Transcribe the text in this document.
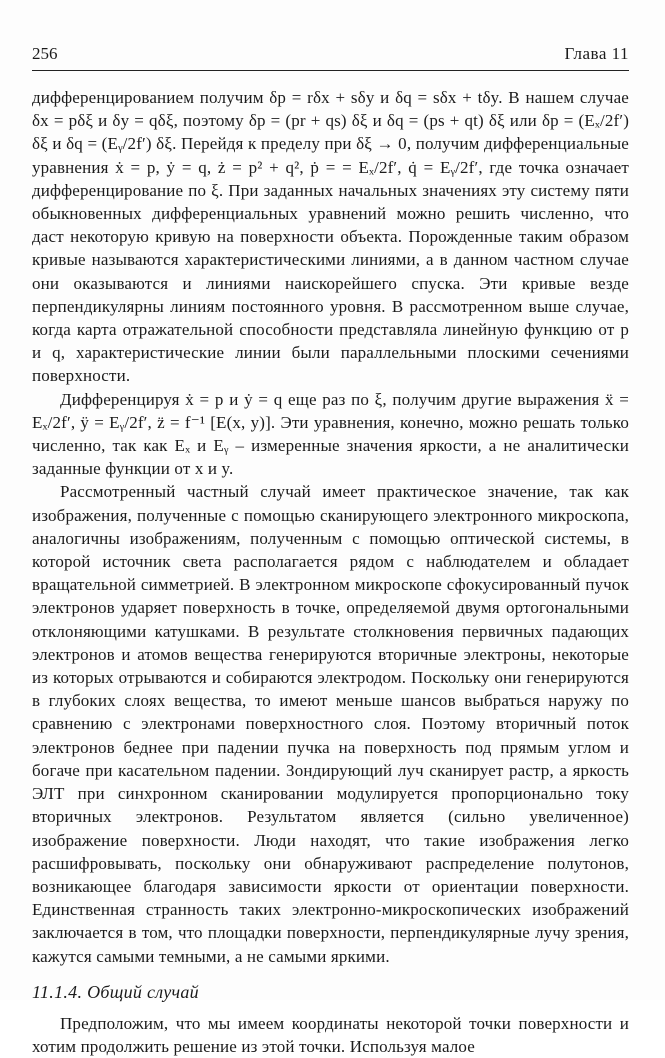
256	Глава 11

дифференцированием получим δp = rδx + sδy и δq = sδx + tδy. В нашем случае δx = pδξ и δy = qδξ, поэтому δp = (pr + qs) δξ и δq = (ps + qt) δξ или δp = (Eₓ/2f′) δξ и δq = (Eᵧ/2f′) δξ. Перейдя к пределу при δξ → 0, получим дифференциальные уравнения ẋ = p, ẏ = q, ż = p² + q², ṗ = = Eₓ/2f′, q̇ = Eᵧ/2f′, где точка означает дифференцирование по ξ. При заданных начальных значениях эту систему пяти обыкновенных дифференциальных уравнений можно решить численно, что даст некоторую кривую на поверхности объекта. Порожденные таким образом кривые называются характеристическими линиями, а в данном частном случае они оказываются и линиями наискорейшего спуска. Эти кривые везде перпендикулярны линиям постоянного уровня. В рассмотренном выше случае, когда карта отражательной способности представляла линейную функцию от p и q, характеристические линии были параллельными плоскими сечениями поверхности.

Дифференцируя ẋ = p и ẏ = q еще раз по ξ, получим другие выражения ẍ = Eₓ/2f′, ÿ = Eᵧ/2f′, z̈ = f⁻¹ [E(x, y)]. Эти уравнения, конечно, можно решать только численно, так как Eₓ и Eᵧ – измеренные значения яркости, а не аналитически заданные функции от x и y.

Рассмотренный частный случай имеет практическое значение, так как изображения, полученные с помощью сканирующего электронного микроскопа, аналогичны изображениям, полученным с помощью оптической системы, в которой источник света располагается рядом с наблюдателем и обладает вращательной симметрией. В электронном микроскопе сфокусированный пучок электронов ударяет поверхность в точке, определяемой двумя ортогональными отклоняющими катушками. В результате столкновения первичных падающих электронов и атомов вещества генерируются вторичные электроны, некоторые из которых отрываются и собираются электродом. Поскольку они генерируются в глубоких слоях вещества, то имеют меньше шансов выбраться наружу по сравнению с электронами поверхностного слоя. Поэтому вторичный поток электронов беднее при падении пучка на поверхность под прямым углом и богаче при касательном падении. Зондирующий луч сканирует растр, а яркость ЭЛТ при синхронном сканировании модулируется пропорционально току вторичных электронов. Результатом является (сильно увеличенное) изображение поверхности. Люди находят, что такие изображения легко расшифровывать, поскольку они обнаруживают распределение полутонов, возникающее благодаря зависимости яркости от ориентации поверхности. Единственная странность таких электронно-микроскопических изображений заключается в том, что площадки поверхности, перпендикулярные лучу зрения, кажутся самыми темными, а не самыми яркими.

11.1.4. Общий случай

Предположим, что мы имеем координаты некоторой точки поверхности и хотим продолжить решение из этой точки. Используя малое
